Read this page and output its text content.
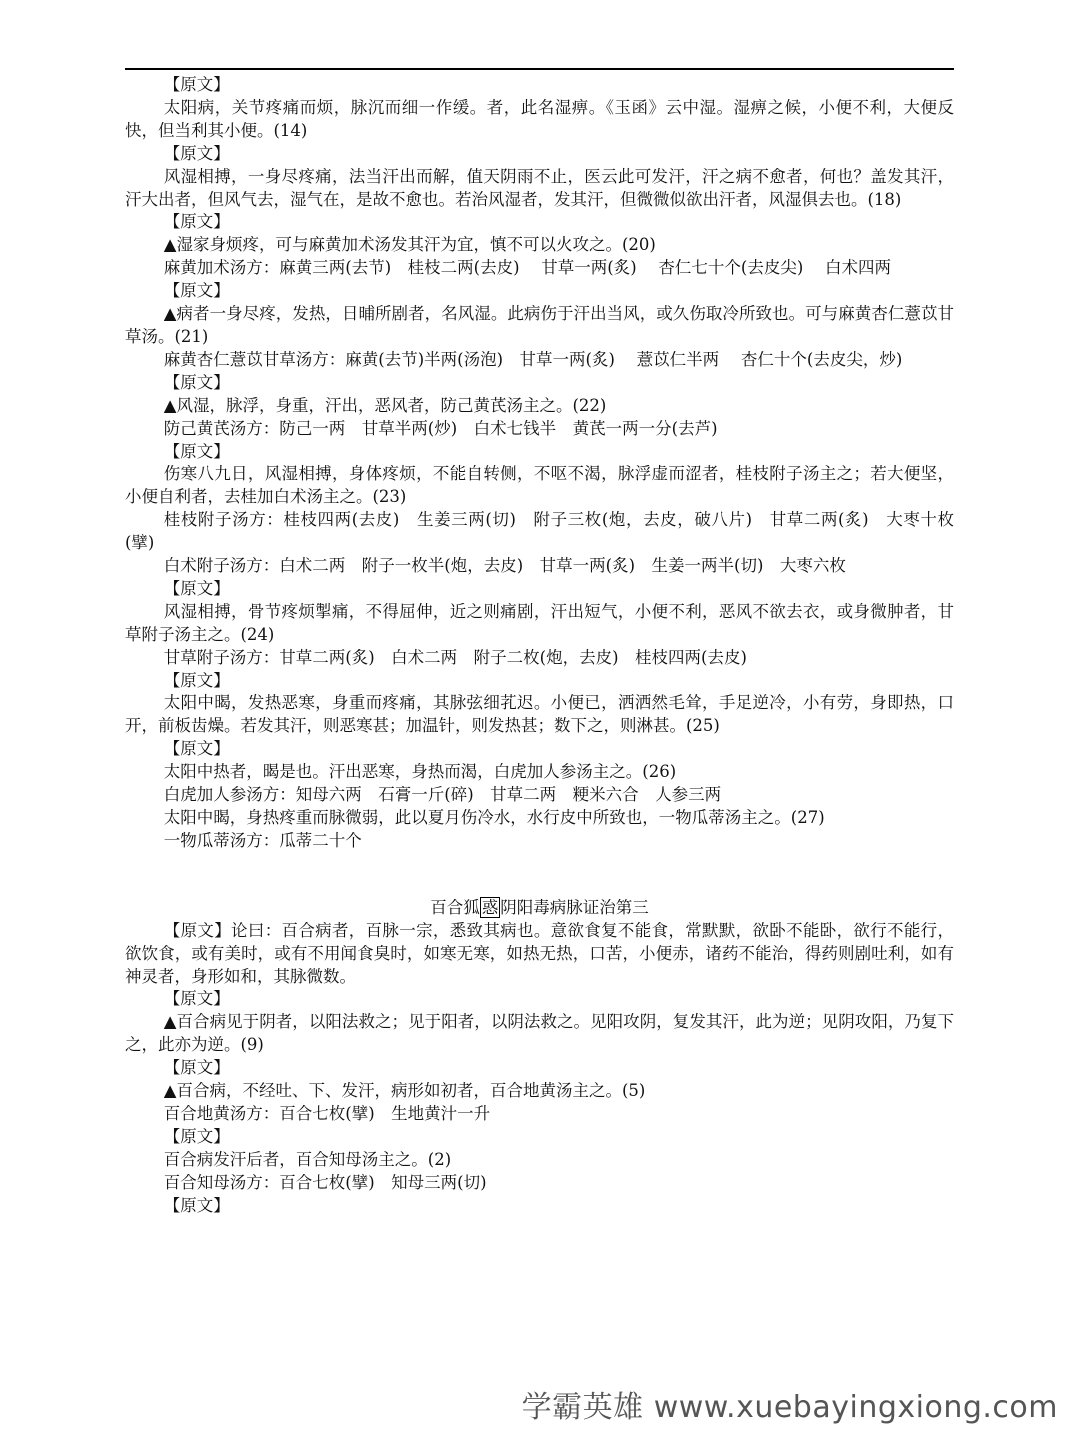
【原文】

太阳病，关节疼痛而烦，脉沉而细一作缓。者，此名湿痹。《玉函》云中湿。湿痹之候，小便不利，大便反快，但当利其小便。(14)

【原文】

风湿相搏，一身尽疼痛，法当汗出而解，值天阴雨不止，医云此可发汗，汗之病不愈者，何也？盖发其汗，汗大出者，但风气去，湿气在，是故不愈也。若治风湿者，发其汗，但微微似欲出汗者，风湿俱去也。(18)

【原文】

▲湿家身烦疼，可与麻黄加术汤发其汗为宜，慎不可以火攻之。(20)

麻黄加术汤方：麻黄三两(去节)　桂枝二两(去皮)　 甘草一两(炙)　 杏仁七十个(去皮尖)　 白术四两

【原文】

▲病者一身尽疼，发热，日晡所剧者，名风湿。此病伤于汗出当风，或久伤取冷所致也。可与麻黄杏仁薏苡甘草汤。(21)

麻黄杏仁薏苡甘草汤方：麻黄(去节)半两(汤泡)　甘草一两(炙)　 薏苡仁半两　 杏仁十个(去皮尖，炒)

【原文】

▲风湿，脉浮，身重，汗出，恶风者，防己黄芪汤主之。(22)

防己黄芪汤方：防己一两　甘草半两(炒)　白术七钱半　黄芪一两一分(去芦)

【原文】

伤寒八九日，风湿相搏，身体疼烦，不能自转侧，不呕不渴，脉浮虚而涩者，桂枝附子汤主之；若大便坚，小便自利者，去桂加白术汤主之。(23)

桂枝附子汤方：桂枝四两(去皮)　生姜三两(切)　附子三枚(炮，去皮，破八片)　甘草二两(炙)　大枣十枚(擘)

白术附子汤方：白术二两　附子一枚半(炮，去皮)　甘草一两(炙)　生姜一两半(切)　大枣六枚

【原文】

风湿相搏，骨节疼烦掣痛，不得屈伸，近之则痛剧，汗出短气，小便不利，恶风不欲去衣，或身微肿者，甘草附子汤主之。(24)

甘草附子汤方：甘草二两(炙)　白术二两　附子二枚(炮，去皮)　桂枝四两(去皮)

【原文】

太阳中暍，发热恶寒，身重而疼痛，其脉弦细芤迟。小便已，洒洒然毛耸，手足逆冷，小有劳，身即热，口开，前板齿燥。若发其汗，则恶寒甚；加温针，则发热甚；数下之，则淋甚。(25)

【原文】

太阳中热者，暍是也。汗出恶寒，身热而渴，白虎加人参汤主之。(26)

白虎加人参汤方：知母六两　石膏一斤(碎)　甘草二两　粳米六合　人参三两

太阳中暍，身热疼重而脉微弱，此以夏月伤冷水，水行皮中所致也，一物瓜蒂汤主之。(27)

一物瓜蒂汤方：瓜蒂二十个

百合狐 惑 阴阳毒病脉证治第三

【原文】论曰：百合病者，百脉一宗，悉致其病也。意欲食复不能食，常默默，欲卧不能卧，欲行不能行，欲饮食，或有美时，或有不用闻食臭时，如寒无寒，如热无热，口苦，小便赤，诸药不能治，得药则剧吐利，如有神灵者，身形如和，其脉微数。

【原文】

▲百合病见于阴者，以阳法救之；见于阳者，以阴法救之。见阳攻阴，复发其汗，此为逆；见阴攻阳，乃复下之，此亦为逆。(9)

【原文】

▲百合病，不经吐、下、发汗，病形如初者，百合地黄汤主之。(5)

百合地黄汤方：百合七枚(擘)　生地黄汁一升

【原文】

百合病发汗后者，百合知母汤主之。(2)

百合知母汤方：百合七枚(擘)　知母三两(切)

【原文】

学霸英雄 www.xuebayingxiong.com
